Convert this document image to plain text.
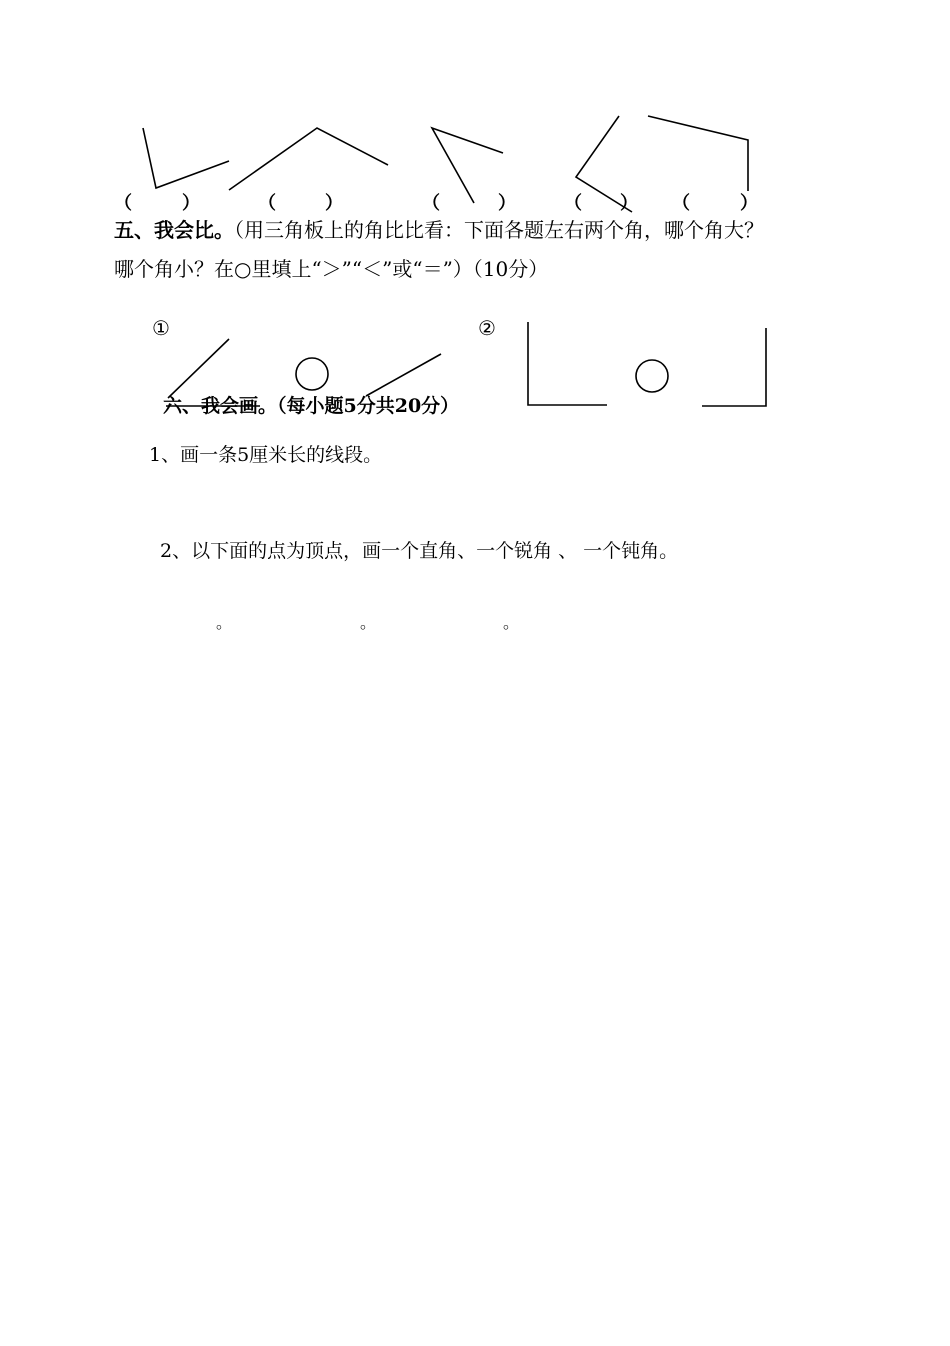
（	）	（	）	（	）	（ ） （	）
五、我会比。（用三角板上的角比比看：下面各题左右两个角，哪个角大？
哪个角小？在○里填上“＞”“＜”或“＝”）（10分）
①	②
六、我会画。（每小题5分共20分）
1、画一条5厘米长的线段。
2、以下面的点为顶点，画一个直角、一个锐角 、 一个钝角。
。	。	。
